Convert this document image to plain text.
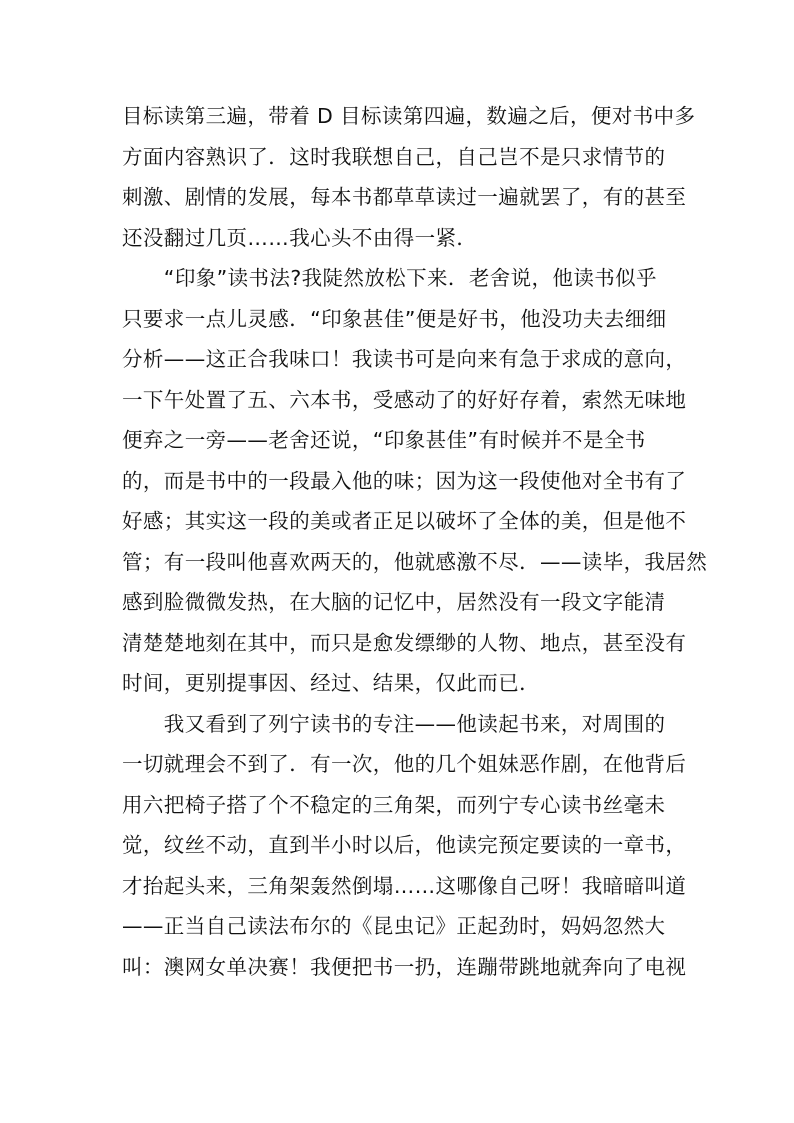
目标读第三遍，带着 D 目标读第四遍，数遍之后，便对书中多
方面内容熟识了．这时我联想自己，自己岂不是只求情节的
刺激、剧情的发展，每本书都草草读过一遍就罢了，有的甚至
还没翻过几页……我心头不由得一紧．
　　“印象”读书法?我陡然放松下来．老舍说，他读书似乎
只要求一点儿灵感．“印象甚佳”便是好书，他没功夫去细细
分析——这正合我味口！我读书可是向来有急于求成的意向，
一下午处置了五、六本书，受感动了的好好存着，索然无味地
便弃之一旁——老舍还说，“印象甚佳”有时候并不是全书
的，而是书中的一段最入他的味；因为这一段使他对全书有了
好感；其实这一段的美或者正足以破坏了全体的美，但是他不
管；有一段叫他喜欢两天的，他就感激不尽．——读毕，我居然
感到脸微微发热，在大脑的记忆中，居然没有一段文字能清
清楚楚地刻在其中，而只是愈发缥缈的人物、地点，甚至没有
时间，更别提事因、经过、结果，仅此而已．
　　我又看到了列宁读书的专注——他读起书来，对周围的
一切就理会不到了．有一次，他的几个姐妹恶作剧，在他背后
用六把椅子搭了个不稳定的三角架，而列宁专心读书丝毫未
觉，纹丝不动，直到半小时以后，他读完预定要读的一章书，
才抬起头来，三角架轰然倒塌……这哪像自己呀！我暗暗叫道
——正当自己读法布尔的《昆虫记》正起劲时，妈妈忽然大
叫：澳网女单决赛！我便把书一扔，连蹦带跳地就奔向了电视
